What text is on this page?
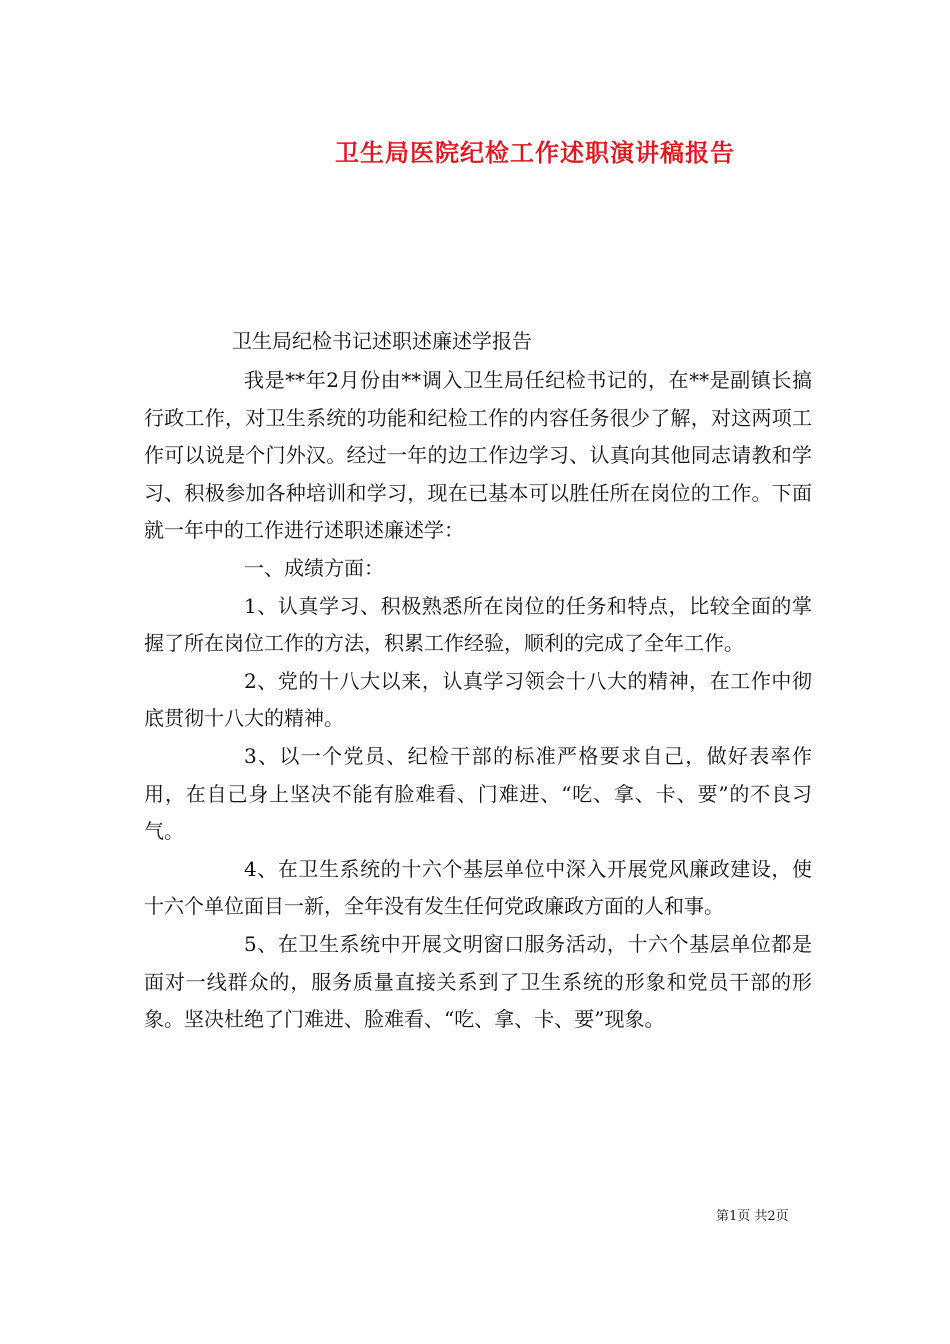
卫生局医院纪检工作述职演讲稿报告
卫生局纪检书记述职述廉述学报告

我是**年2月份由**调入卫生局任纪检书记的，在**是副镇长搞行政工作，对卫生系统的功能和纪检工作的内容任务很少了解，对这两项工作可以说是个门外汉。经过一年的边工作边学习、认真向其他同志请教和学习、积极参加各种培训和学习，现在已基本可以胜任所在岗位的工作。下面就一年中的工作进行述职述廉述学：

一、成绩方面：

1、认真学习、积极熟悉所在岗位的任务和特点，比较全面的掌握了所在岗位工作的方法，积累工作经验，顺利的完成了全年工作。

2、党的十八大以来，认真学习领会十八大的精神，在工作中彻底贯彻十八大的精神。

3、以一个党员、纪检干部的标准严格要求自己，做好表率作用，在自己身上坚决不能有脸难看、门难进、“吃、拿、卡、要”的不良习气。

4、在卫生系统的十六个基层单位中深入开展党风廉政建设，使十六个单位面目一新，全年没有发生任何党政廉政方面的人和事。

5、在卫生系统中开展文明窗口服务活动，十六个基层单位都是面对一线群众的，服务质量直接关系到了卫生系统的形象和党员干部的形象。坚决杜绝了门难进、脸难看、“吃、拿、卡、要”现象。

第1页 共2页
